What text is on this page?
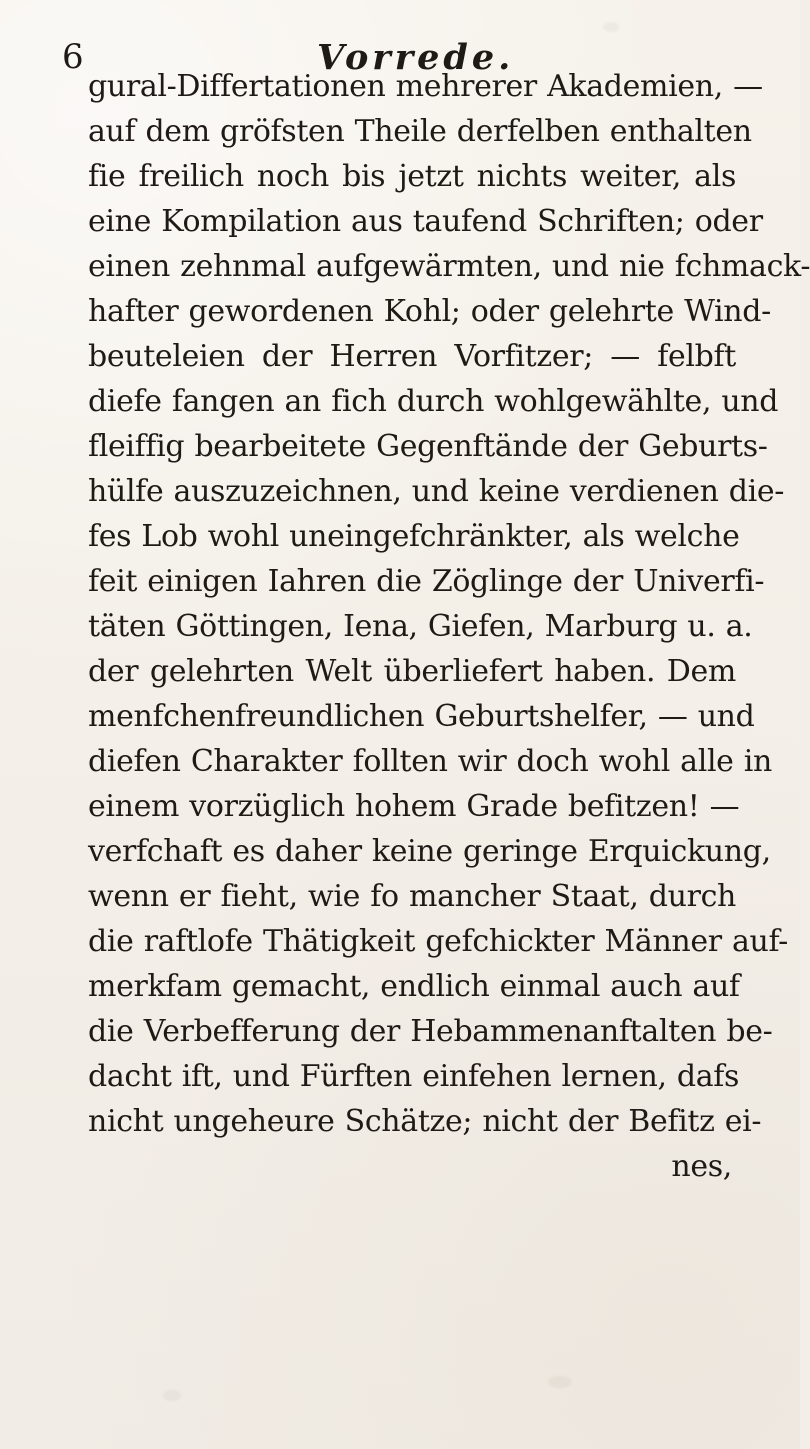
6	Vorrede.
gural-Differtationen mehrerer Akademien, —
auf dem gröfsten Theile derfelben enthalten
fie freilich noch bis jetzt nichts weiter, als
eine Kompilation aus taufend Schriften; oder
einen zehnmal aufgewärmten, und nie fchmack-
hafter gewordenen Kohl; oder gelehrte Wind-
beuteleien der Herren Vorfitzer; — felbft
diefe fangen an fich durch wohlgewählte, und
fleiffig bearbeitete Gegenftände der Geburts-
hülfe auszuzeichnen, und keine verdienen die-
fes Lob wohl uneingefchränkter, als welche
feit einigen Iahren die Zöglinge der Univerfi-
täten Göttingen, Iena, Giefen, Marburg u. a.
der gelehrten Welt überliefert haben. Dem
menfchenfreundlichen Geburtshelfer, — und
diefen Charakter follten wir doch wohl alle in
einem vorzüglich hohem Grade befitzen! —
verfchaft es daher keine geringe Erquickung,
wenn er fieht, wie fo mancher Staat, durch
die raftlofe Thätigkeit gefchickter Männer auf-
merkfam gemacht, endlich einmal auch auf
die Verbefferung der Hebammenanftalten be-
dacht ift, und Fürften einfehen lernen, dafs
nicht ungeheure Schätze; nicht der Befitz ei-
nes,
